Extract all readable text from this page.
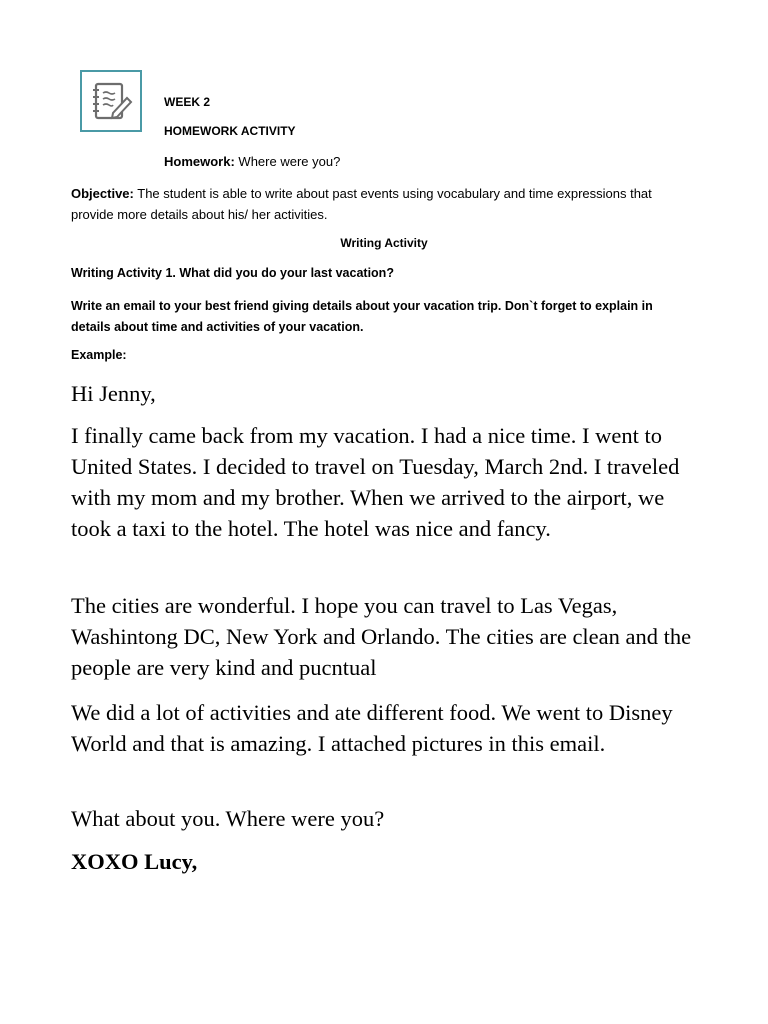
WEEK 2
HOMEWORK ACTIVITY
Homework: Where were you?
Objective: The student is able to write about past events using vocabulary and time expressions that provide more details about his/ her activities.
Writing Activity
Writing Activity 1. What did you do your last vacation?
Write an email to your best friend giving details about your vacation trip. Don`t forget to explain in details about time and activities of your vacation.
Example:
Hi Jenny,
I finally came back from my vacation. I had a nice time. I went to United States. I decided to travel on Tuesday, March 2nd. I traveled with my mom and my brother. When we arrived to the airport, we took a taxi to the hotel. The hotel was nice and fancy.
The cities are wonderful. I hope you can travel to Las Vegas, Washintong DC, New York and Orlando. The cities are clean and the people are very kind and pucntual
We did a lot of activities and ate different food. We went to Disney World and that is amazing. I attached pictures in this email.
What about you. Where were you?
XOXO Lucy,
